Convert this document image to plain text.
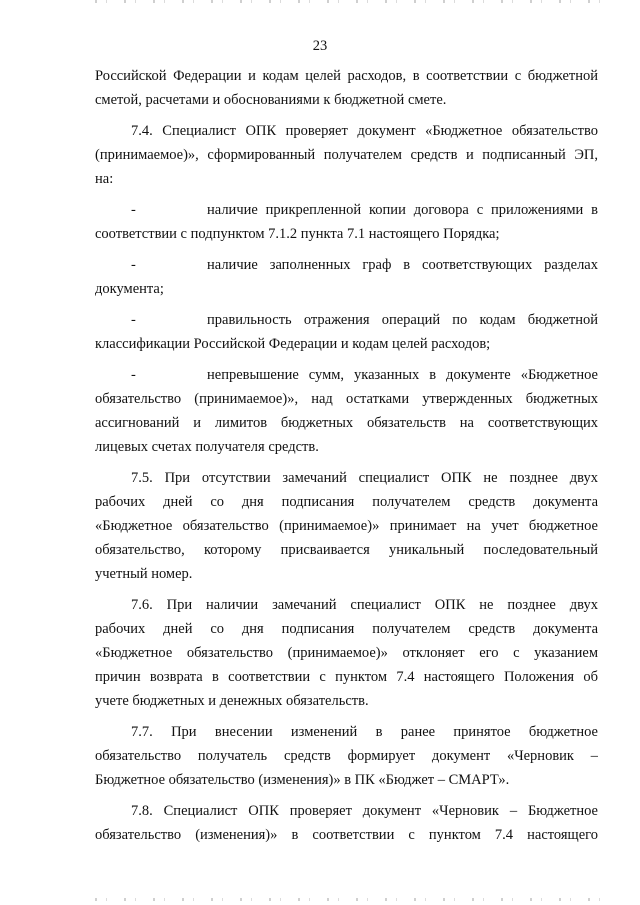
23
Российской Федерации и кодам целей расходов, в соответствии с бюджетной
сметой, расчетами и обоснованиями к бюджетной смете.
7.4. Специалист ОПК проверяет документ «Бюджетное обязательство
(принимаемое)», сформированный получателем средств и подписанный ЭП,
на:
-	наличие прикрепленной копии договора с приложениями в
соответствии с подпунктом 7.1.2 пункта 7.1 настоящего Порядка;
-	наличие заполненных граф в соответствующих разделах
документа;
-	правильность отражения операций по кодам бюджетной
классификации Российской Федерации и кодам целей расходов;
-	непревышение сумм, указанных в документе «Бюджетное
обязательство (принимаемое)», над остатками утвержденных бюджетных
ассигнований и лимитов бюджетных обязательств на соответствующих
лицевых счетах получателя средств.
7.5. При отсутствии замечаний специалист ОПК не позднее двух
рабочих дней со дня подписания получателем средств документа
«Бюджетное обязательство (принимаемое)» принимает на учет бюджетное
обязательство, которому присваивается уникальный последовательный
учетный номер.
7.6. При наличии замечаний специалист ОПК не позднее двух
рабочих дней со дня подписания получателем средств документа
«Бюджетное обязательство (принимаемое)» отклоняет его с указанием
причин возврата в соответствии с пунктом 7.4 настоящего Положения об
учете бюджетных и денежных обязательств.
7.7. При внесении изменений в ранее принятое бюджетное
обязательство получатель средств формирует документ «Черновик –
Бюджетное обязательство (изменения)» в ПК «Бюджет – СМАРТ».
7.8. Специалист ОПК проверяет документ «Черновик – Бюджетное
обязательство (изменения)» в соответствии с пунктом 7.4 настоящего
